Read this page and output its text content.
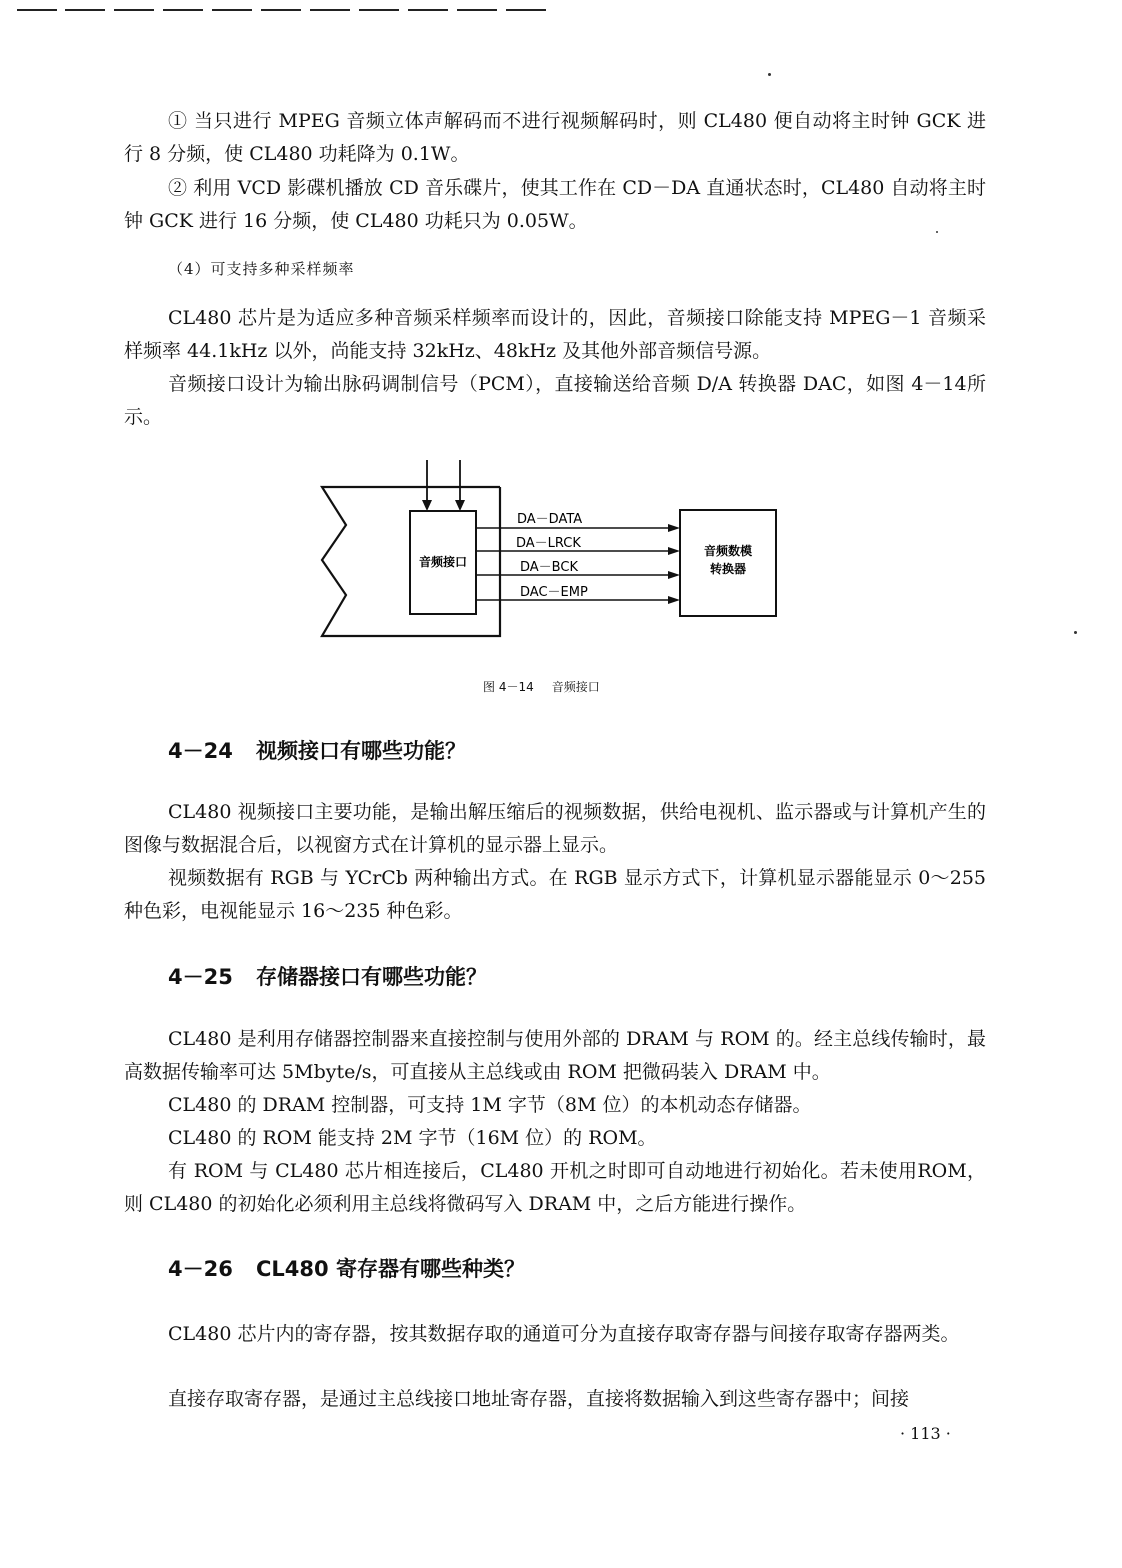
① 当只进行 MPEG 音频立体声解码而不进行视频解码时，则 CL480 便自动将主时钟 GCK 进行 8 分频，使 CL480 功耗降为 0.1W。

② 利用 VCD 影碟机播放 CD 音乐碟片，使其工作在 CD－DA 直通状态时，CL480 自动将主时钟 GCK 进行 16 分频，使 CL480 功耗只为 0.05W。

（4）可支持多种采样频率

CL480 芯片是为适应多种音频采样频率而设计的，因此，音频接口除能支持 MPEG－1 音频采样频率 44.1kHz 以外，尚能支持 32kHz、48kHz 及其他外部音频信号源。

音频接口设计为输出脉码调制信号（PCM），直接输送给音频 D/A 转换器 DAC，如图 4－14所示。

音频接口
音频数模
转换器
DA－DATA
DA－LRCK
DA－BCK
DAC－EMP

图 4－14 音频接口

4－24 视频接口有哪些功能？

CL480 视频接口主要功能，是输出解压缩后的视频数据，供给电视机、监示器或与计算机产生的图像与数据混合后，以视窗方式在计算机的显示器上显示。

视频数据有 RGB 与 YCrCb 两种输出方式。在 RGB 显示方式下，计算机显示器能显示 0～255 种色彩，电视能显示 16～235 种色彩。

4－25 存储器接口有哪些功能？

CL480 是利用存储器控制器来直接控制与使用外部的 DRAM 与 ROM 的。经主总线传输时，最高数据传输率可达 5Mbyte/s，可直接从主总线或由 ROM 把微码装入 DRAM 中。

CL480 的 DRAM 控制器，可支持 1M 字节（8M 位）的本机动态存储器。

CL480 的 ROM 能支持 2M 字节（16M 位）的 ROM。

有 ROM 与 CL480 芯片相连接后，CL480 开机之时即可自动地进行初始化。若未使用ROM，则 CL480 的初始化必须利用主总线将微码写入 DRAM 中，之后方能进行操作。

4－26 CL480 寄存器有哪些种类？

CL480 芯片内的寄存器，按其数据存取的通道可分为直接存取寄存器与间接存取寄存器两类。

直接存取寄存器，是通过主总线接口地址寄存器，直接将数据输入到这些寄存器中；间接

· 113 ·
